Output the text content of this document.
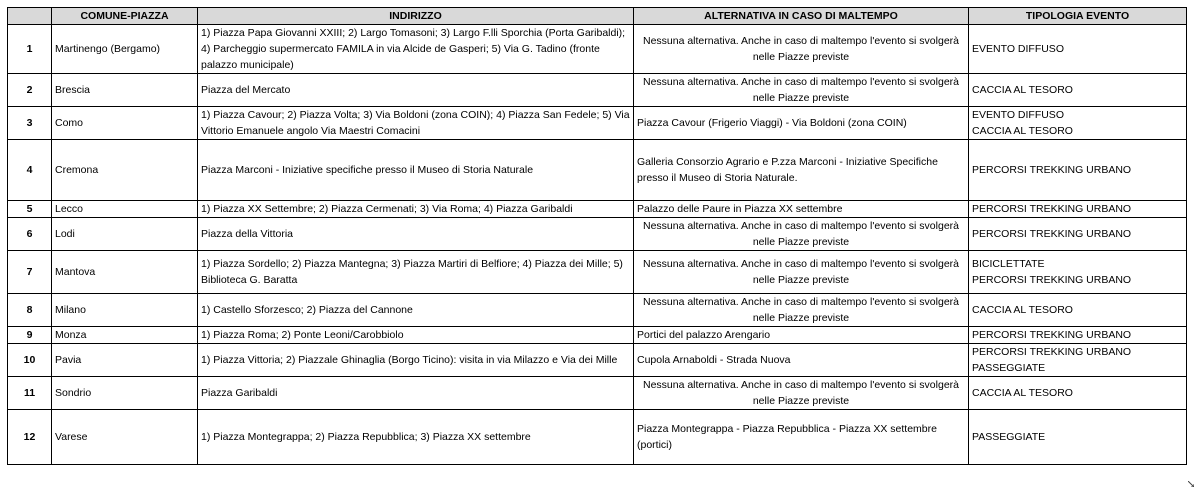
	COMUNE-PIAZZA	INDIRIZZO	ALTERNATIVA IN CASO DI MALTEMPO	TIPOLOGIA EVENTO
1	Martinengo (Bergamo)	1) Piazza Papa Giovanni XXIII; 2) Largo Tomasoni; 3) Largo F.lli Sporchia (Porta Garibaldi); 4) Parcheggio supermercato FAMILA in via Alcide de Gasperi; 5) Via G. Tadino (fronte palazzo municipale)	Nessuna alternativa. Anche in caso di maltempo l'evento si svolgerà nelle Piazze previste	EVENTO DIFFUSO

2	Brescia	Piazza del Mercato	Nessuna alternativa. Anche in caso di maltempo l'evento si svolgerà nelle Piazze previste	CACCIA AL TESORO

3	Como	1) Piazza Cavour; 2) Piazza Volta; 3) Via Boldoni (zona COIN); 4) Piazza San Fedele; 5) Via Vittorio Emanuele angolo Via Maestri Comacini	Piazza Cavour (Frigerio Viaggi) - Via Boldoni (zona COIN)	EVENTO DIFFUSO
CACCIA AL TESORO

4	Cremona	Piazza Marconi - Iniziative specifiche presso il Museo di Storia Naturale	Galleria Consorzio Agrario e P.zza Marconi - Iniziative Specifiche presso il Museo di Storia Naturale.	PERCORSI TREKKING URBANO

5	Lecco	1) Piazza XX Settembre; 2) Piazza Cermenati; 3) Via Roma; 4) Piazza Garibaldi	Palazzo delle Paure in Piazza XX settembre	PERCORSI TREKKING URBANO

6	Lodi	Piazza della Vittoria	Nessuna alternativa. Anche in caso di maltempo l'evento si svolgerà nelle Piazze previste	PERCORSI TREKKING URBANO

7	Mantova	1) Piazza Sordello; 2) Piazza Mantegna; 3) Piazza Martiri di Belfiore; 4) Piazza dei Mille; 5) Biblioteca G. Baratta	Nessuna alternativa. Anche in caso di maltempo l'evento si svolgerà nelle Piazze previste	BICICLETTATE
PERCORSI TREKKING URBANO

8	Milano	1) Castello Sforzesco; 2) Piazza del Cannone	Nessuna alternativa. Anche in caso di maltempo l'evento si svolgerà nelle Piazze previste	CACCIA AL TESORO

9	Monza	1) Piazza Roma; 2) Ponte Leoni/Carobbiolo	Portici del palazzo Arengario	PERCORSI TREKKING URBANO

10	Pavia	1) Piazza Vittoria; 2) Piazzale Ghinaglia (Borgo Ticino): visita in via Milazzo e Via dei Mille	Cupola Arnaboldi - Strada Nuova	PERCORSI TREKKING URBANO
PASSEGGIATE

11	Sondrio	Piazza Garibaldi	Nessuna alternativa. Anche in caso di maltempo l'evento si svolgerà nelle Piazze previste	CACCIA AL TESORO

12	Varese	1) Piazza Montegrappa; 2) Piazza Repubblica; 3) Piazza XX settembre	Piazza Montegrappa - Piazza Repubblica - Piazza XX settembre (portici)	PASSEGGIATE
